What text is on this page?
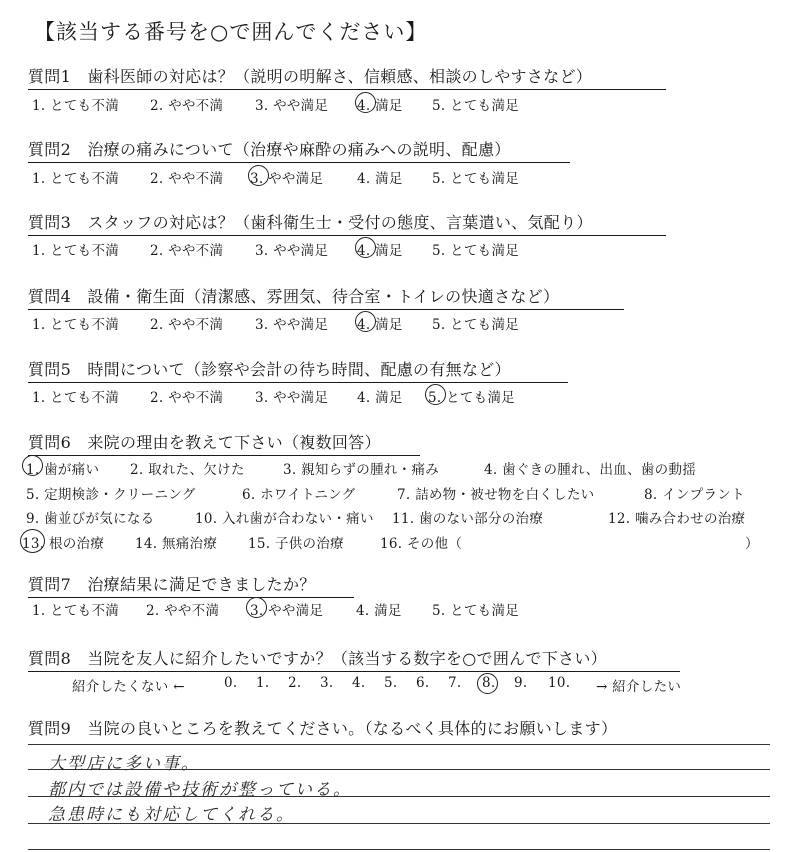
【該当する番号を○で囲んでください】
質問1　歯科医師の対応は？（説明の明解さ、信頼感、相談のしやすさなど）
1. とても不満 2. やや不満 3. やや満足 4. 満足 5. とても満足
質問2　治療の痛みについて（治療や麻酔の痛みへの説明、配慮）
1. とても不満 2. やや不満 3. やや満足 4. 満足 5. とても満足
質問3　スタッフの対応は？（歯科衛生士・受付の態度、言葉遣い、気配り）
1. とても不満 2. やや不満 3. やや満足 4. 満足 5. とても満足
質問4　設備・衛生面（清潔感、雰囲気、待合室・トイレの快適さなど）
1. とても不満 2. やや不満 3. やや満足 4. 満足 5. とても満足
質問5　時間について（診察や会計の待ち時間、配慮の有無など）
1. とても不満 2. やや不満 3. やや満足 4. 満足 5. とても満足
質問6　来院の理由を教えて下さい（複数回答）
1. 歯が痛い 2. 取れた、欠けた	3. 親知らずの腫れ・痛み	4. 歯ぐきの腫れ、出血、歯の動揺
5. 定期検診・クリーニング	6. ホワイトニング	7. 詰め物・被せ物を白くしたい	8. インプラント
9. 歯並びが気になる	10. 入れ歯が合わない・痛い 11. 歯のない部分の治療	12. 噛み合わせの治療
13. 根の治療 14. 無痛治療 15. 子供の治療	16. その他（	）
質問7　治療結果に満足できましたか？
1. とても不満 2. やや不満 3. やや満足 4. 満足 5. とても満足
質問8　当院を友人に紹介したいですか？（該当する数字を○で囲んで下さい）
紹介したくない ←	0. 1. 2. 3. 4. 5. 6. 7. 8. 9. 10. → 紹介したい
質問9　当院の良いところを教えてください。（なるべく具体的にお願いします）
大型店に多い事。
都内では設備や技術が整っている。
急患時にも対応してくれる。
